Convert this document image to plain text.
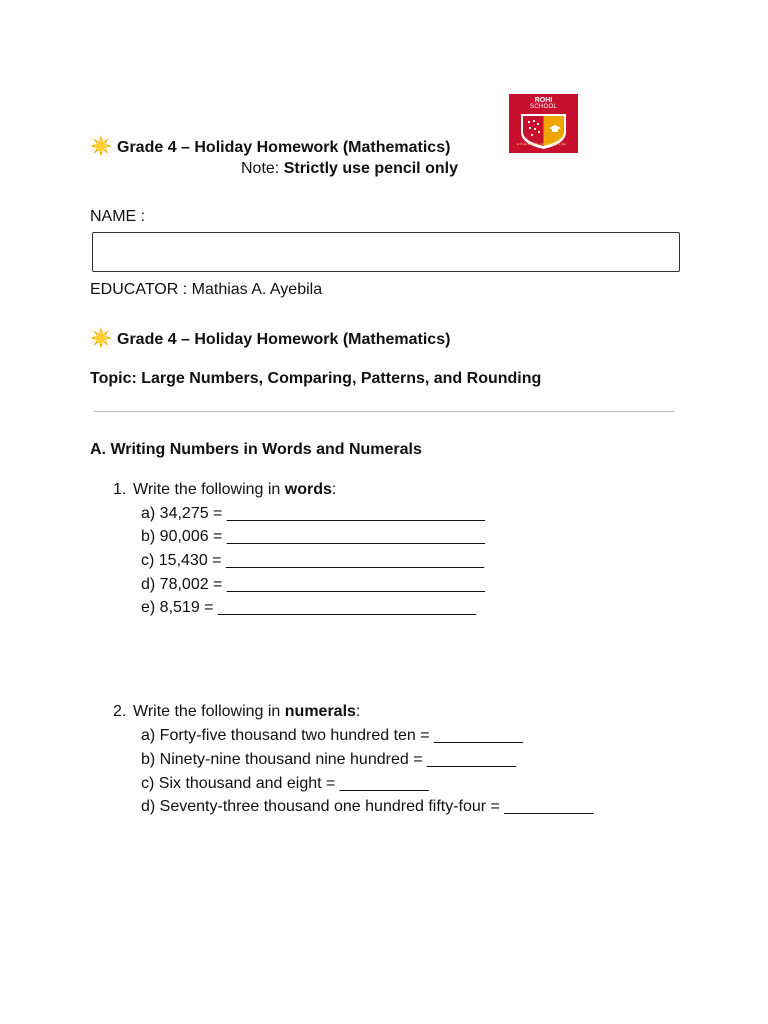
Grade 4 – Holiday Homework (Mathematics)
Note: Strictly use pencil only
ROHI
SCHOOL
EXCELLENCE AND DISCIPLINE
NAME :
EDUCATOR : Mathias A. Ayebila
Grade 4 – Holiday Homework (Mathematics)
Topic: Large Numbers, Comparing, Patterns, and Rounding
A. Writing Numbers in Words and Numerals
1. Write the following in words:
a) 34,275 = _____________________________
b) 90,006 = _____________________________
c) 15,430 = _____________________________
d) 78,002 = _____________________________
e) 8,519 = _____________________________
2. Write the following in numerals:
a) Forty-five thousand two hundred ten = __________
b) Ninety-nine thousand nine hundred = __________
c) Six thousand and eight = __________
d) Seventy-three thousand one hundred fifty-four = __________
